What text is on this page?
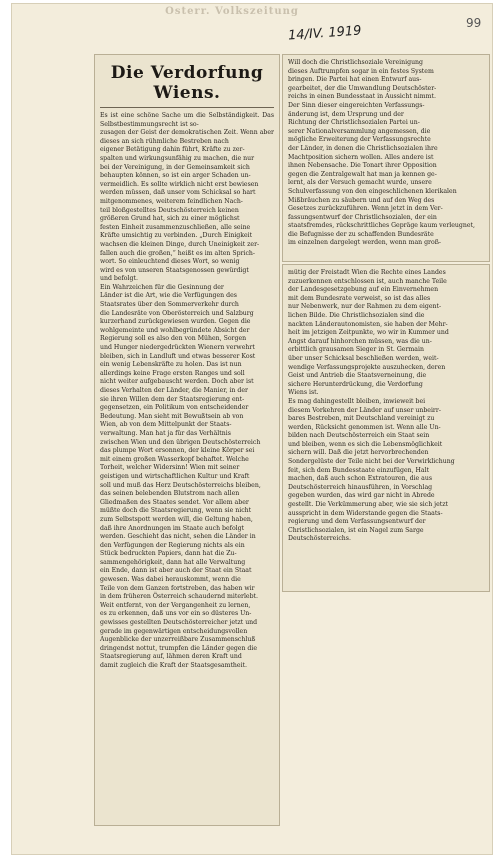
Österr. Volkszeitung
14/IV. 1919
99
Die Verdorfung Wiens.
Es ist eine schöne Sache um die Selbständigkeit. Das Selbstbestimmungsrecht ist so-
zusagen der Geist der demokratischen Zeit. Wenn aber dieses an sich rühmliche Bestreben nach
eigener Betätigung dahin führt, Kräfte zu zer-
spalten und wirkungsunfähig zu machen, die nur
bei der Vereinigung, in der Gemeinsamkeit sich
behaupten können, so ist ein arger Schaden un-
vermeidlich. Es sollte wirklich nicht erst bewiesen
werden müssen, daß unser vom Schicksal so hart
mitgenommenes, weiterem feindlichen Nach-
teil bloßgestelltes Deutschösterreich keinen
größeren Grund hat, sich zu einer möglichst
festen Einheit zusammenzuschließen, alle seine
Kräfte umsichtig zu verbinden. „Durch Einigkeit
wachsen die kleinen Dinge, durch Uneinigkeit zer-
fallen auch die großen,“ heißt es im alten Sprich-
wort. So einleuchtend dieses Wort, so wenig
wird es von unseren Staatsgenossen gewürdigt
und befolgt.
Ein Wahrzeichen für die Gesinnung der
Länder ist die Art, wie die Verfügungen des
Staatsrates über den Sommerverkehr durch
die Landesräte von Oberösterreich und Salzburg
kurzerhand zurückgewiesen wurden. Gegen die
wohlgemeinte und wohlbegründete Absicht der
Regierung soll es also den von Mühen, Sorgen
und Hunger niedergedrückten Wienern verwehrt
bleiben, sich in Landluft und etwas besserer Kost
ein wenig Lebenskräfte zu holen. Das ist nun
allerdings keine Frage ersten Ranges und soll
nicht weiter aufgebauscht werden. Doch aber ist
dieses Verhalten der Länder, die Manier, in der
sie ihren Willen dem der Staatsregierung ent-
gegensetzen, ein Politikum von entscheidender
Bedeutung. Man sieht mit Bewußtsein ab von
Wien, ab von dem Mittelpunkt der Staats-
verwaltung. Man hat ja für das Verhältnis
zwischen Wien und den übrigen Deutschösterreich
das plumpe Wort ersonnen, der kleine Körper sei
mit einem großen Wasserkopf behaftet. Welche
Torheit, welcher Widersinn! Wien mit seiner
geistigen und wirtschaftlichen Kultur und Kraft
soll und muß das Herz Deutschösterreichs bleiben,
das seinen belebenden Blutstrom nach allen
Gliedmaßen des Staates sendet. Vor allem aber
müßte doch die Staatsregierung, wenn sie nicht
zum Selbstspott werden will, die Geltung haben,
daß ihre Anordnungen im Staate auch befolgt
werden. Geschieht das nicht, sehen die Länder in
den Verfügungen der Regierung nichts als ein
Stück bedruckten Papiers, dann hat die Zu-
sammengehörigkeit, dann hat alle Verwaltung
ein Ende, dann ist aber auch der Staat ein Staat
gewesen. Was dabei herauskommt, wenn die
Teile von dem Ganzen fortstreben, das haben wir
in dem früheren Österreich schaudernd miterlebt.
Weit entfernt, von der Vergangenheit zu lernen,
es zu erkennen, daß uns vor ein so düsteres Un-
gewisses gestellten Deutschösterreicher jetzt und
gerade im gegenwärtigen entscheidungsvollen
Augenblicke der unzerreißbare Zusammenschluß
dringendst nottut, trumpfen die Länder gegen die
Staatsregierung auf, lähmen deren Kraft und
damit zugleich die Kraft der Staatsgesamtheit.
Will doch die Christlichsoziale Vereinigung
dieses Auftrumpfen sogar in ein festes System
bringen. Die Partei hat einen Entwurf aus-
gearbeitet, der die Umwandlung Deutschöster-
reichs in einen Bundesstaat in Aussicht nimmt.
Der Sinn dieser eingereichten Verfassungs-
änderung ist, dem Ursprung und der
Richtung der Christlichsozialen Partei un-
serer Nationalversammlung angemessen, die
mögliche Erweiterung der Verfassungsrechte
der Länder, in denen die Christlichsozialen ihre
Machtposition sichern wollen. Alles andere ist
ihnen Nebensache. Die Tonart ihrer Opposition
gegen die Zentralgewalt hat man ja kennen ge-
lernt, als der Versuch gemacht wurde, unsere
Schulverfassung von den eingeschlichenen klerikalen
Mißbräuchen zu säubern und auf den Weg des
Gesetzes zurückzuführen. Wenn jetzt in dem Ver-
fassungsentwurf der Christlichsozialen, der ein
staatsfremdes, rückschrittliches Gepräge kaum verleugnet,
die Befugnisse der zu schaffenden Bundesräte
im einzelnen dargelegt werden, wenn man groß-
mütig der Freistadt Wien die Rechte eines Landes
zuzuerkennen entschlossen ist, auch manche Teile
der Landesgesetzgebung auf ein Einvernehmen
mit dem Bundesrate verweist, so ist das alles
nur Nebenwerk, nur der Rahmen zu dem eigent-
lichen Bilde. Die Christlichsozialen sind die
nackten Länderautonomisten, sie haben der Mehr-
heit im jetzigen Zeitpunkte, wo wir in Kummer und
Angst darauf hinhorchen müssen, was die un-
erbittlich grausamen Sieger in St. Germain
über unser Schicksal beschließen werden, weit-
wendige Verfassungsprojekte auszuhecken, deren
Geist und Antrieb die Staatsverneinung, die
sichere Herunterdrückung, die Verdorfung
Wiens ist.
Es mag dahingestellt bleiben, inwieweit bei
diesem Vorkehren der Länder auf unser unbeirr-
bares Bestreben, mit Deutschland vereinigt zu
werden, Rücksicht genommen ist. Wenn alle Un-
bilden nach Deutschösterreich ein Staat sein
und bleiben, wenn es sich die Lebensmöglichkeit
sichern will. Daß die jetzt hervorbrechenden
Sondergelüste der Teile nicht bei der Verwirklichung
feit, sich dem Bundesstaate einzufügen, Halt
machen, daß auch schon Extratouren, die aus
Deutschösterreich hinausführen, in Vorschlag
gegeben wurden, das wird gar nicht in Abrede
gestellt. Die Verkümmerung aber, wie sie sich jetzt
ausspricht in dem Widerstande gegen die Staats-
regierung und dem Verfassungsentwurf der
Christlichsozialen, ist ein Nagel zum Sarge
Deutschösterreichs.
